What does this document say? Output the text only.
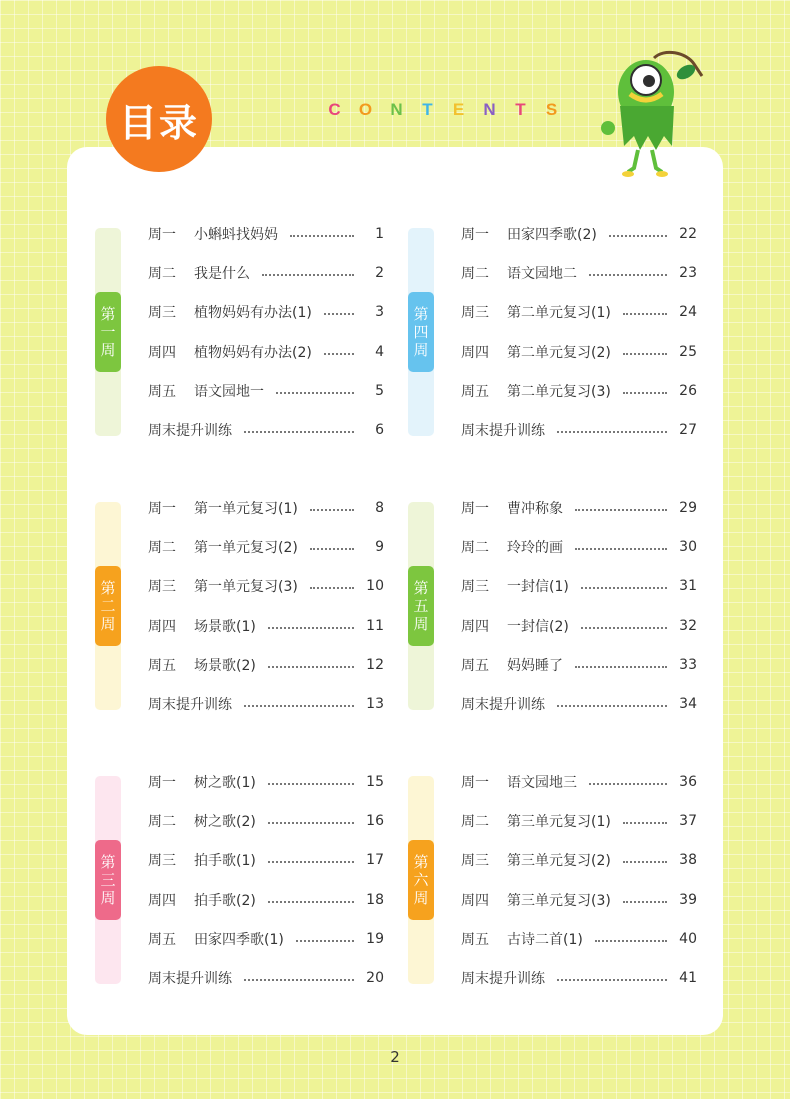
目录	C O N T E N T S
第
一
周
周一	小蝌蚪找妈妈	1
周二	我是什么	2
周三	植物妈妈有办法(1)	3
周四	植物妈妈有办法(2)	4
周五	语文园地一	5
周末提升训练	6
第
四
周
周一	田家四季歌(2)	22
周二	语文园地二	23
周三	第二单元复习(1)	24
周四	第二单元复习(2)	25
周五	第二单元复习(3)	26
周末提升训练	27
第
二
周
周一	第一单元复习(1)	8
周二	第一单元复习(2)	9
周三	第一单元复习(3)	10
周四	场景歌(1)	11
周五	场景歌(2)	12
周末提升训练	13
第
五
周
周一	曹冲称象	29
周二	玲玲的画	30
周三	一封信(1)	31
周四	一封信(2)	32
周五	妈妈睡了	33
周末提升训练	34
第
三
周
周一	树之歌(1)	15
周二	树之歌(2)	16
周三	拍手歌(1)	17
周四	拍手歌(2)	18
周五	田家四季歌(1)	19
周末提升训练	20
第
六
周
周一	语文园地三	36
周二	第三单元复习(1)	37
周三	第三单元复习(2)	38
周四	第三单元复习(3)	39
周五	古诗二首(1)	40
周末提升训练	41
2
